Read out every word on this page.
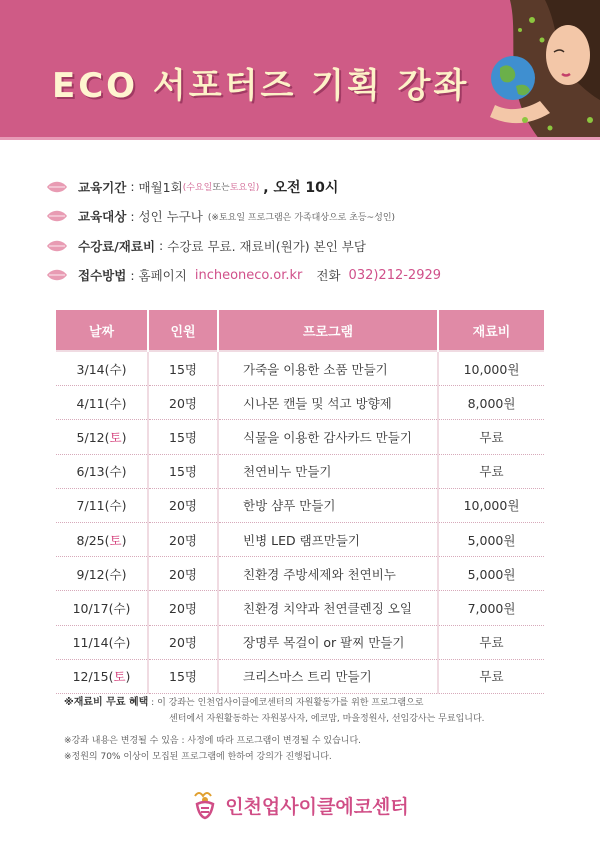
ECO 서포터즈 기획 강좌
교육기간 : 매월1회 (수요일 또는 토요일) , 오전 10시
교육대상 : 성인 누구나 (※토요일 프로그램은 가족대상으로 초등~성인)
수강료/재료비 : 수강료 무료. 재료비(원가) 본인 부담
접수방법 : 홈페이지 incheoneco.or.kr 전화 032)212-2929
날짜	인원	프로그램	재료비
3/14(수)	15명	가죽을 이용한 소품 만들기	10,000원
4/11(수)	20명	시나몬 캔들 및 석고 방향제	8,000원
5/12(토)	15명	식물을 이용한 감사카드 만들기	무료
6/13(수)	15명	천연비누 만들기	무료
7/11(수)	20명	한방 샴푸 만들기	10,000원
8/25(토)	20명	빈병 LED 램프만들기	5,000원
9/12(수)	20명	친환경 주방세제와 천연비누	5,000원
10/17(수)	20명	친환경 치약과 천연클렌징 오일	7,000원
11/14(수)	20명	장명루 목걸이 or 팔찌 만들기	무료
12/15(토)	15명	크리스마스 트리 만들기	무료
※재료비 무료 혜택 : 이 강좌는 인천업사이클에코센터의 자원활동가를 위한 프로그램으로
센터에서 자원활동하는 자원봉사자, 에코맘, 마을정원사, 선임강사는 무료입니다.
※강좌 내용은 변경될 수 있음 : 사정에 따라 프로그램이 변경될 수 있습니다.
※정원의 70% 이상이 모집된 프로그램에 한하여 강의가 진행됩니다.
인천업사이클에코센터
